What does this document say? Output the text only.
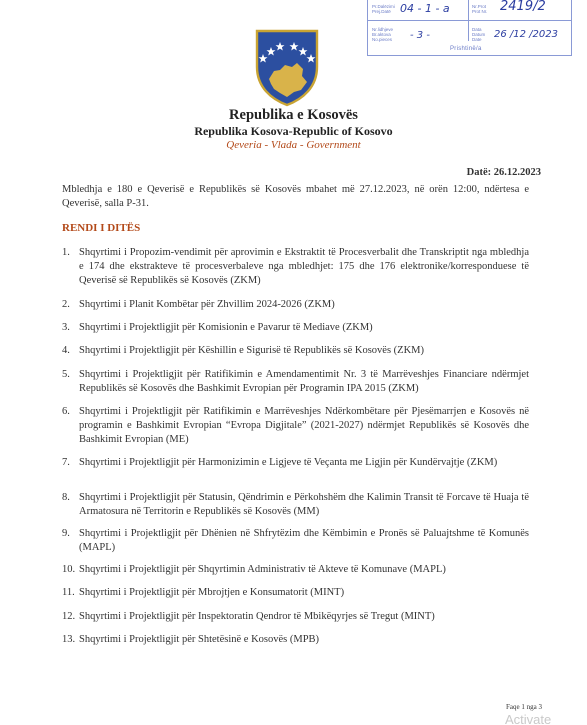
Pr.Dalëzimi
Prej.Datë
Nr.Prot
Prot Nr.
Nr.lidhjeve
Br.aktova
No.pieces
Data
Datum
Date
04 - 1 - a	2419/2
- 3 -	26 /12 /2023
Prishtinë/a
Republika e Kosovës
Republika Kosova-Republic of Kosovo
Qeveria - Vlada - Government
Datë: 26.12.2023
Mbledhja e 180 e Qeverisë e Republikës së Kosovës mbahet më 27.12.2023, në orën 12:00, ndërtesa e Qeverisë, salla P-31.
RENDI I DITËS
1. Shqyrtimi i Propozim-vendimit për aprovimin e Ekstraktit të Procesverbalit dhe Transkriptit nga mbledhja e 174 dhe ekstrakteve të procesverbaleve nga mbledhjet: 175 dhe 176 elektronike/korresponduese të Qeverisë së Republikës së Kosovës (ZKM)
2. Shqyrtimi i Planit Kombëtar për Zhvillim 2024-2026 (ZKM)
3. Shqyrtimi i Projektligjit për Komisionin e Pavarur të Mediave (ZKM)
4. Shqyrtimi i Projektligjit për Këshillin e Sigurisë të Republikës së Kosovës (ZKM)
5. Shqyrtimi i Projektligjit për Ratifikimin e Amendamentimit Nr. 3 të Marrëveshjes Financiare ndërmjet Republikës së Kosovës dhe Bashkimit Evropian për Programin IPA 2015 (ZKM)
6. Shqyrtimi i Projektligjit për Ratifikimin e Marrëveshjes Ndërkombëtare për Pjesëmarrjen e Kosovës në programin e Bashkimit Evropian “Evropa Digjitale” (2021-2027) ndërmjet Republikës së Kosovës dhe Bashkimit Evropian (ME)
7. Shqyrtimi i Projektligjit për Harmonizimin e Ligjeve të Veçanta me Ligjin për Kundërvajtje (ZKM)
8. Shqyrtimi i Projektligjit për Statusin, Qëndrimin e Përkohshëm dhe Kalimin Transit të Forcave të Huaja të Armatosura në Territorin e Republikës së Kosovës (MM)
9. Shqyrtimi i Projektligjit për Dhënien në Shfrytëzim dhe Këmbimin e Pronës së Paluajtshme të Komunës (MAPL)
10. Shqyrtimi i Projektligjit për Shqyrtimin Administrativ të Akteve të Komunave (MAPL)
11. Shqyrtimi i Projektligjit për Mbrojtjen e Konsumatorit (MINT)
12. Shqyrtimi i Projektligjit për Inspektoratin Qendror të Mbikëqyrjes së Tregut (MINT)
13. Shqyrtimi i Projektligjit për Shtetësinë e Kosovës (MPB)
Faqe 1 nga 3
Activate
